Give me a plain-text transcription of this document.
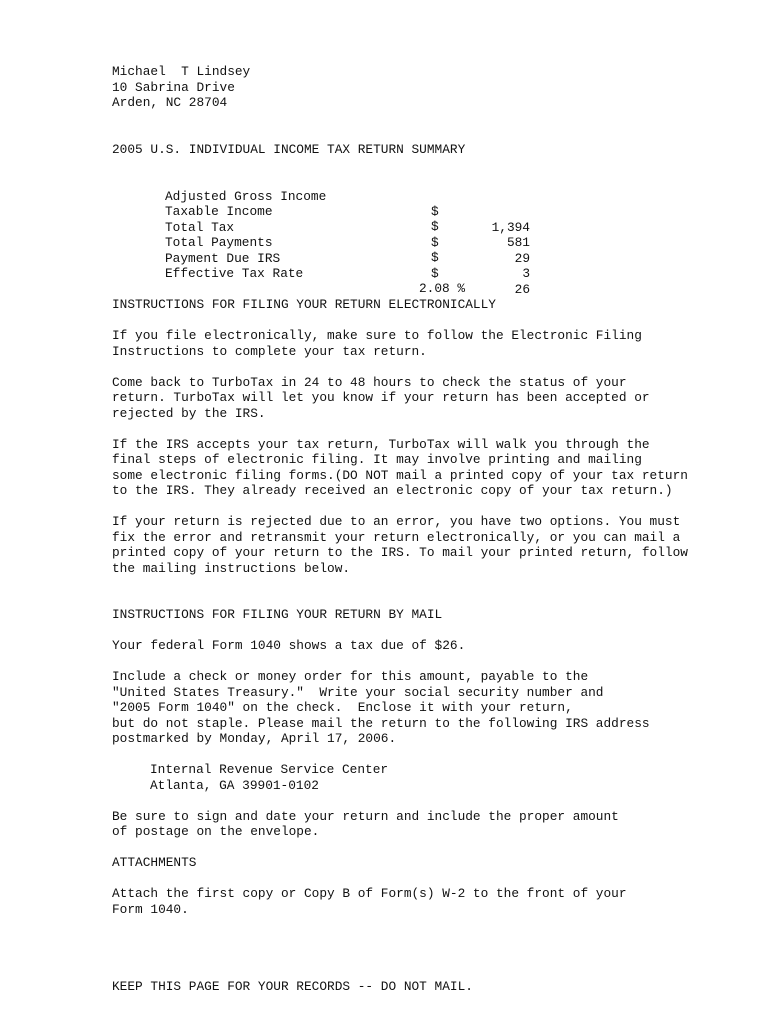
Michael  T Lindsey
10 Sabrina Drive
Arden, NC 28704
2005 U.S. INDIVIDUAL INCOME TAX RETURN SUMMARY

Adjusted Gross Income

$

1,394

Taxable Income

$

581

Total Tax

$

29

Total Payments

$

3

Payment Due IRS

$

26

Effective Tax Rate

2.08 %

INSTRUCTIONS FOR FILING YOUR RETURN ELECTRONICALLY
If you file electronically, make sure to follow the Electronic Filing
Instructions to complete your tax return.
Come back to TurboTax in 24 to 48 hours to check the status of your
return. TurboTax will let you know if your return has been accepted or
rejected by the IRS.
If the IRS accepts your tax return, TurboTax will walk you through the
final steps of electronic filing. It may involve printing and mailing
some electronic filing forms.(DO NOT mail a printed copy of your tax return
to the IRS. They already received an electronic copy of your tax return.)
If your return is rejected due to an error, you have two options. You must
fix the error and retransmit your return electronically, or you can mail a
printed copy of your return to the IRS. To mail your printed return, follow
the mailing instructions below.
INSTRUCTIONS FOR FILING YOUR RETURN BY MAIL
Your federal Form 1040 shows a tax due of $26.
Include a check or money order for this amount, payable to the
"United States Treasury."  Write your social security number and
"2005 Form 1040" on the check.  Enclose it with your return,
but do not staple. Please mail the return to the following IRS address
postmarked by Monday, April 17, 2006.
Internal Revenue Service Center
Atlanta, GA 39901-0102
Be sure to sign and date your return and include the proper amount
of postage on the envelope.
ATTACHMENTS
Attach the first copy or Copy B of Form(s) W-2 to the front of your
Form 1040.
KEEP THIS PAGE FOR YOUR RECORDS -- DO NOT MAIL.
